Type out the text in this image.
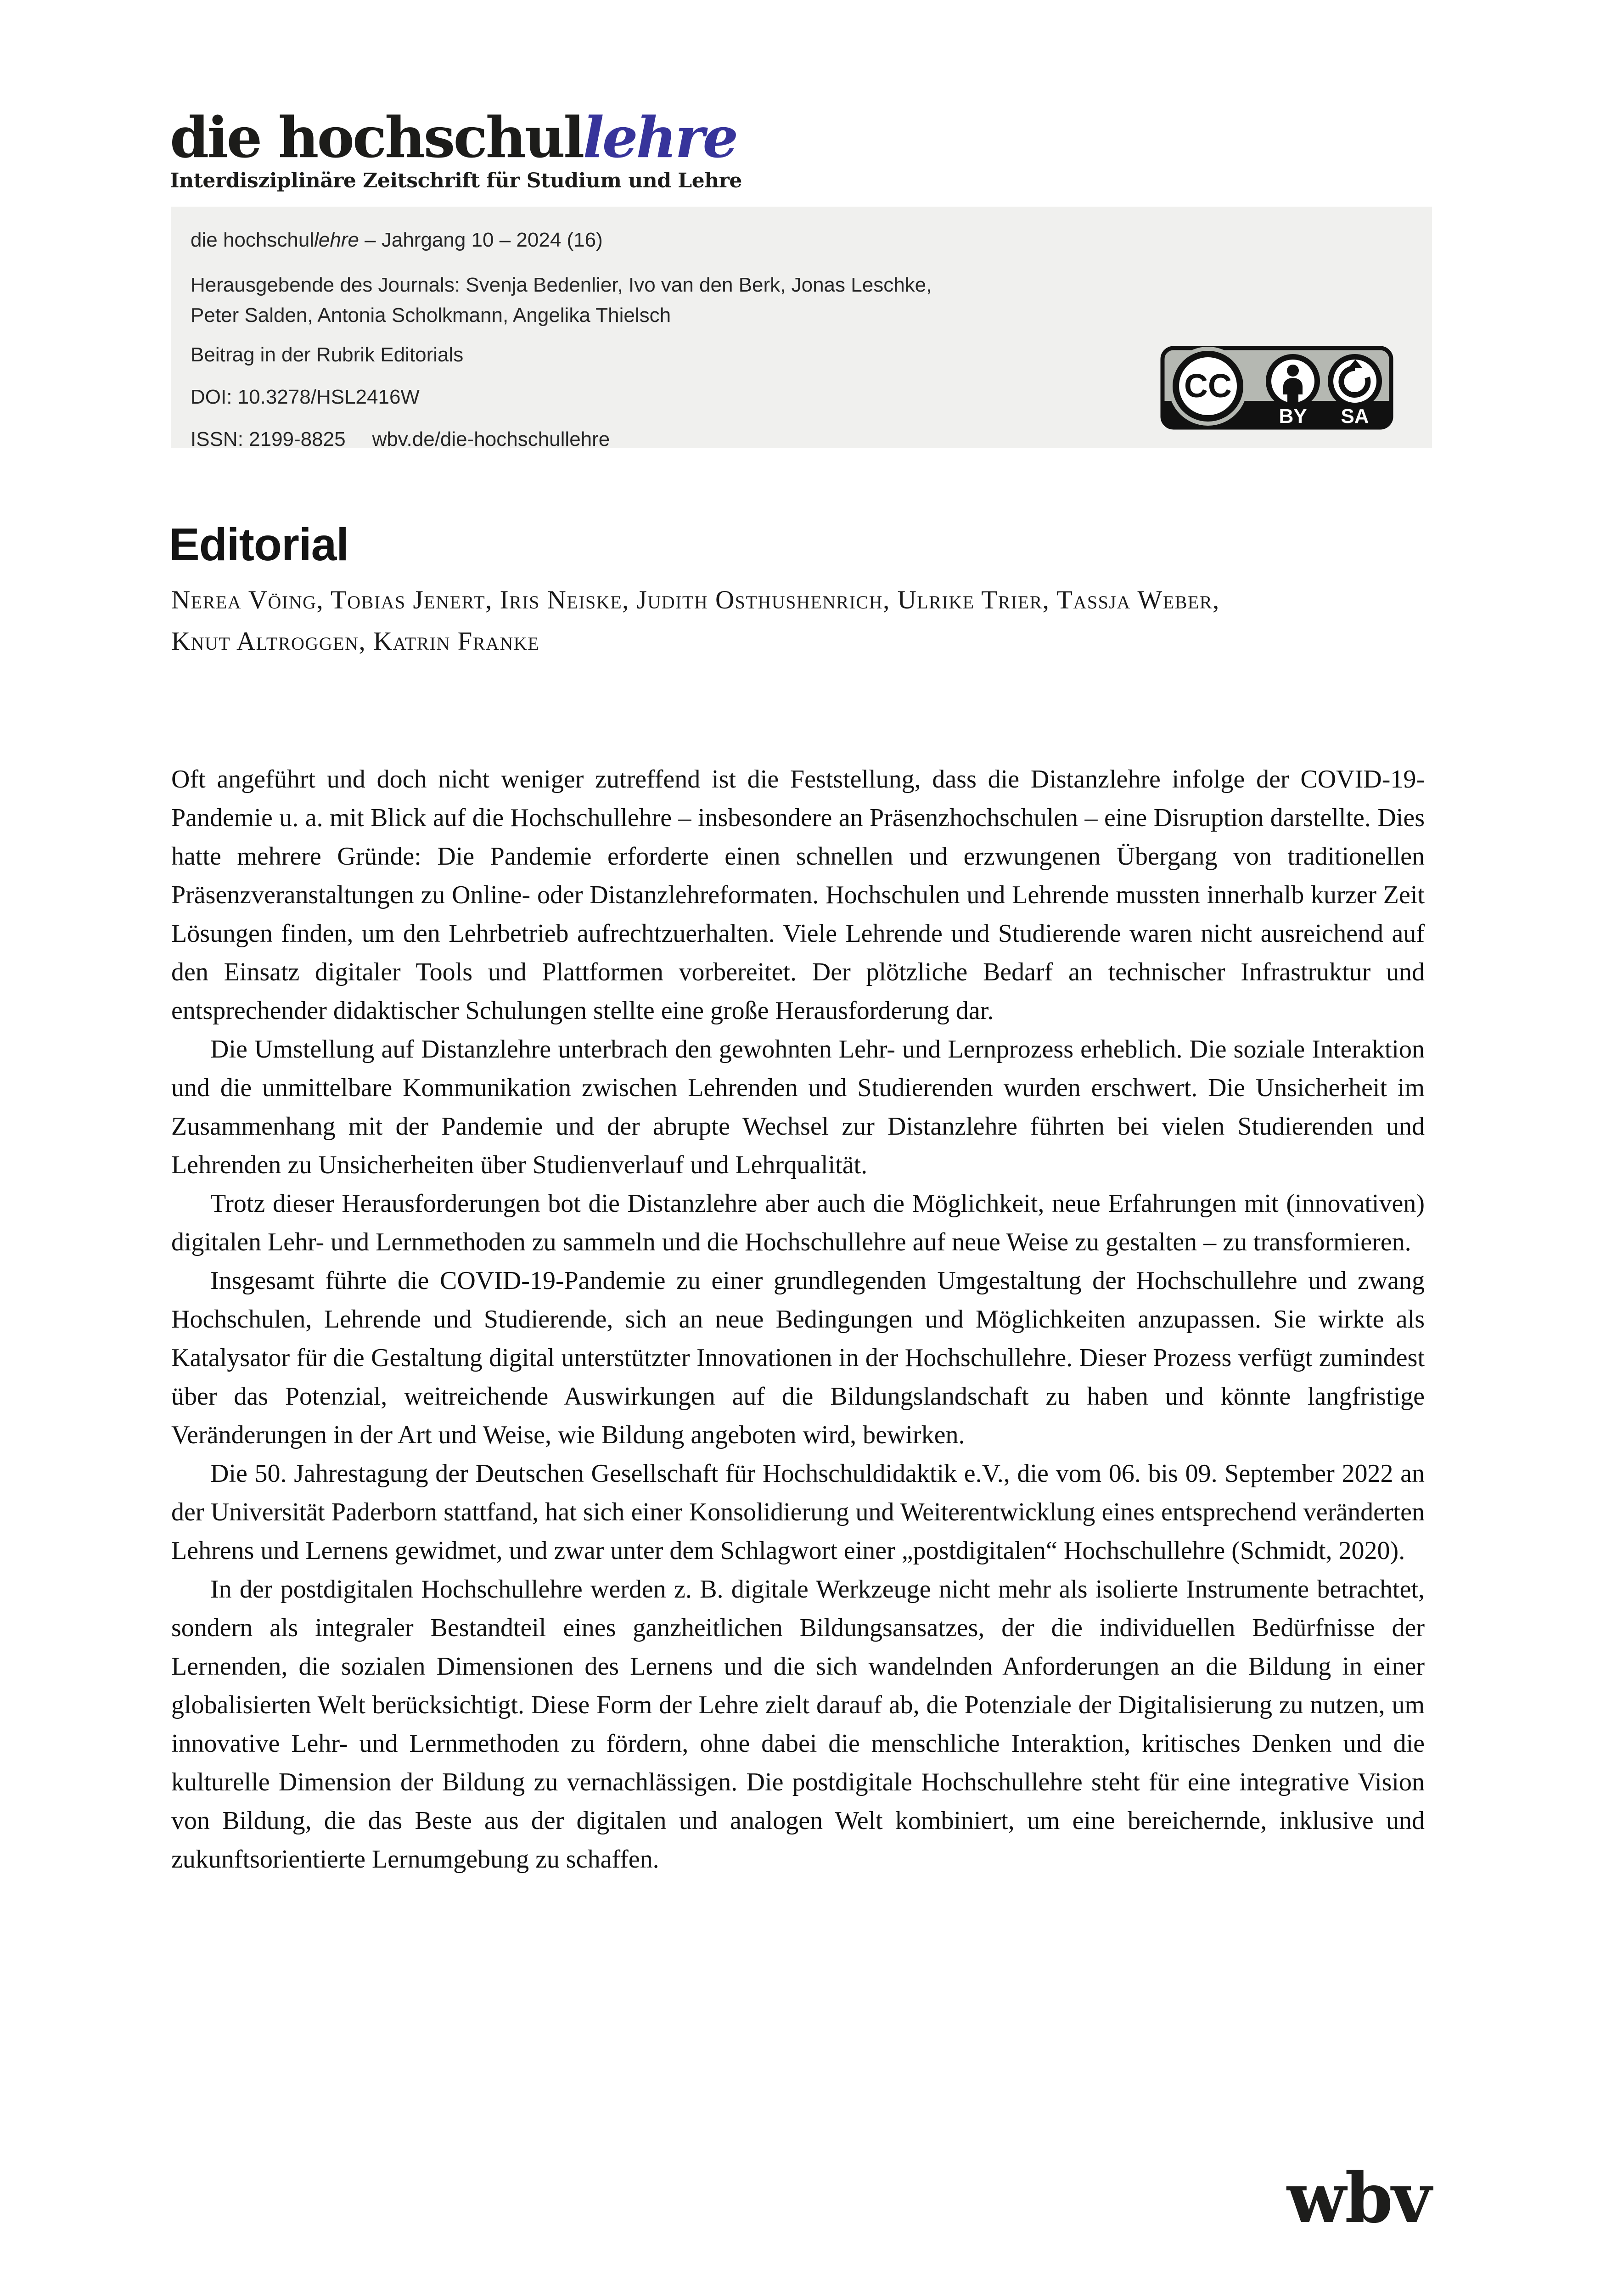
die hochschullehre
Interdisziplinäre Zeitschrift für Studium und Lehre
die hochschullehre – Jahrgang 10 – 2024 (16)
Herausgebende des Journals: Svenja Bedenlier, Ivo van den Berk, Jonas Leschke,
Peter Salden, Antonia Scholkmann, Angelika Thielsch
Beitrag in der Rubrik Editorials
DOI: 10.3278/HSL2416W
ISSN: 2199-8825 wbv.de/die-hochschullehre
CC
BY SA
Editorial
Nerea Vöing, Tobias Jenert, Iris Neiske, Judith Osthushenrich, Ulrike Trier, Tassja Weber,
Knut Altroggen, Katrin Franke

Oft angeführt und doch nicht weniger zutreffend ist die Feststellung, dass die Distanzlehre infolge der COVID-19-Pandemie u. a. mit Blick auf die Hochschullehre – insbesondere an Präsenzhochschulen – eine Disruption darstellte. Dies hatte mehrere Gründe: Die Pandemie erforderte einen schnellen und erzwungenen Übergang von traditionellen Präsenzveranstaltungen zu Online- oder Distanzlehreformaten. Hochschulen und Lehrende mussten innerhalb kurzer Zeit Lösungen finden, um den Lehrbetrieb aufrechtzuerhalten. Viele Lehrende und Studierende waren nicht ausreichend auf den Einsatz digitaler Tools und Plattformen vorbereitet. Der plötzliche Bedarf an technischer Infrastruktur und entsprechender didaktischer Schulungen stellte eine große Herausforderung dar.

Die Umstellung auf Distanzlehre unterbrach den gewohnten Lehr- und Lernprozess erheblich. Die soziale Interaktion und die unmittelbare Kommunikation zwischen Lehrenden und Studierenden wurden erschwert. Die Unsicherheit im Zusammenhang mit der Pandemie und der abrupte Wechsel zur Distanzlehre führten bei vielen Studierenden und Lehrenden zu Unsicherheiten über Studienverlauf und Lehrqualität.

Trotz dieser Herausforderungen bot die Distanzlehre aber auch die Möglichkeit, neue Erfahrungen mit (innovativen) digitalen Lehr- und Lernmethoden zu sammeln und die Hochschullehre auf neue Weise zu gestalten – zu transformieren.

Insgesamt führte die COVID-19-Pandemie zu einer grundlegenden Umgestaltung der Hochschullehre und zwang Hochschulen, Lehrende und Studierende, sich an neue Bedingungen und Möglichkeiten anzupassen. Sie wirkte als Katalysator für die Gestaltung digital unterstützter Innovationen in der Hochschullehre. Dieser Prozess verfügt zumindest über das Potenzial, weitreichende Auswirkungen auf die Bildungslandschaft zu haben und könnte langfristige Veränderungen in der Art und Weise, wie Bildung angeboten wird, bewirken.

Die 50. Jahrestagung der Deutschen Gesellschaft für Hochschuldidaktik e.V., die vom 06. bis 09. September 2022 an der Universität Paderborn stattfand, hat sich einer Konsolidierung und Weiterentwicklung eines entsprechend veränderten Lehrens und Lernens gewidmet, und zwar unter dem Schlagwort einer „postdigitalen“ Hochschullehre (Schmidt, 2020).

In der postdigitalen Hochschullehre werden z. B. digitale Werkzeuge nicht mehr als isolierte Instrumente betrachtet, sondern als integraler Bestandteil eines ganzheitlichen Bildungsansatzes, der die individuellen Bedürfnisse der Lernenden, die sozialen Dimensionen des Lernens und die sich wandelnden Anforderungen an die Bildung in einer globalisierten Welt berücksichtigt. Diese Form der Lehre zielt darauf ab, die Potenziale der Digitalisierung zu nutzen, um innovative Lehr- und Lernmethoden zu fördern, ohne dabei die menschliche Interaktion, kritisches Denken und die kulturelle Dimension der Bildung zu vernachlässigen. Die postdigitale Hochschullehre steht für eine integrative Vision von Bildung, die das Beste aus der digitalen und analogen Welt kombiniert, um eine bereichernde, inklusive und zukunftsorientierte Lernumgebung zu schaffen.

wbv
